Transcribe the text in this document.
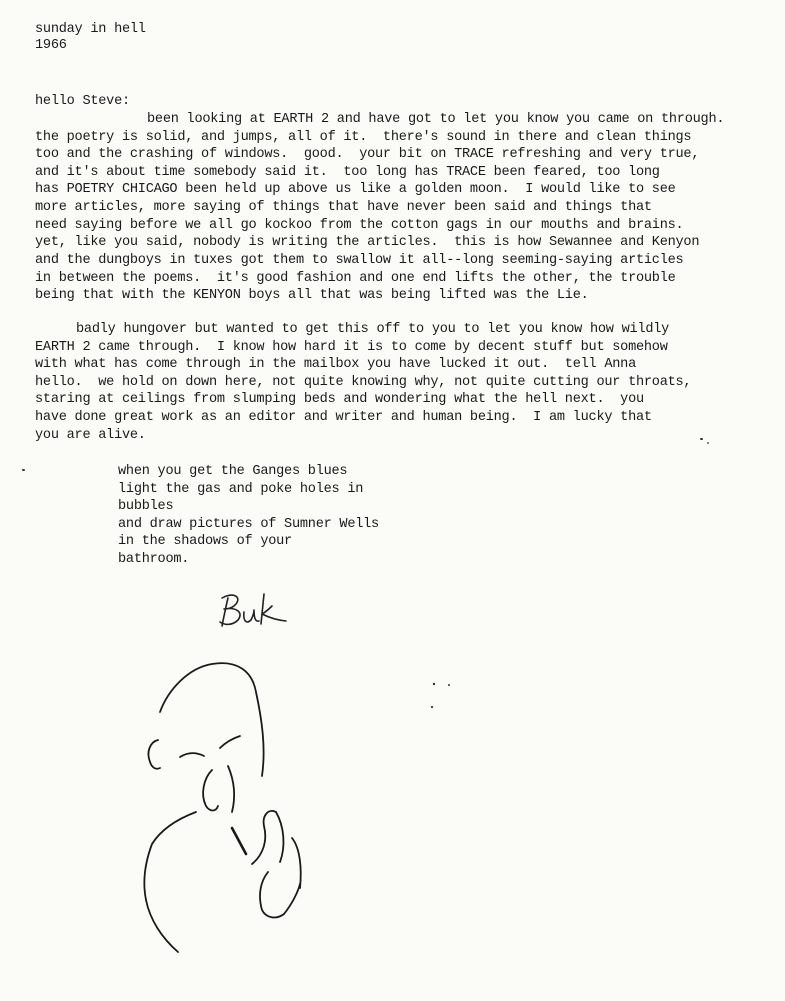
sunday in hell
1966
hello Steve:
been looking at EARTH 2 and have got to let you know you came on through.
the poetry is solid, and jumps, all of it.  there's sound in there and clean things
too and the crashing of windows.  good.  your bit on TRACE refreshing and very true,
and it's about time somebody said it.  too long has TRACE been feared, too long
has POETRY CHICAGO been held up above us like a golden moon.  I would like to see
more articles, more saying of things that have never been said and things that
need saying before we all go kockoo from the cotton gags in our mouths and brains.
yet, like you said, nobody is writing the articles.  this is how Sewannee and Kenyon
and the dungboys in tuxes got them to swallow it all--long seeming-saying articles
in between the poems.  it's good fashion and one end lifts the other, the trouble
being that with the KENYON boys all that was being lifted was the Lie.
badly hungover but wanted to get this off to you to let you know how wildly
EARTH 2 came through.  I know how hard it is to come by decent stuff but somehow
with what has come through in the mailbox you have lucked it out.  tell Anna
hello.  we hold on down here, not quite knowing why, not quite cutting our throats,
staring at ceilings from slumping beds and wondering what the hell next.  you
have done great work as an editor and writer and human being.  I am lucky that
you are alive.
when you get the Ganges blues
light the gas and poke holes in
bubbles
and draw pictures of Sumner Wells
in the shadows of your
bathroom.
